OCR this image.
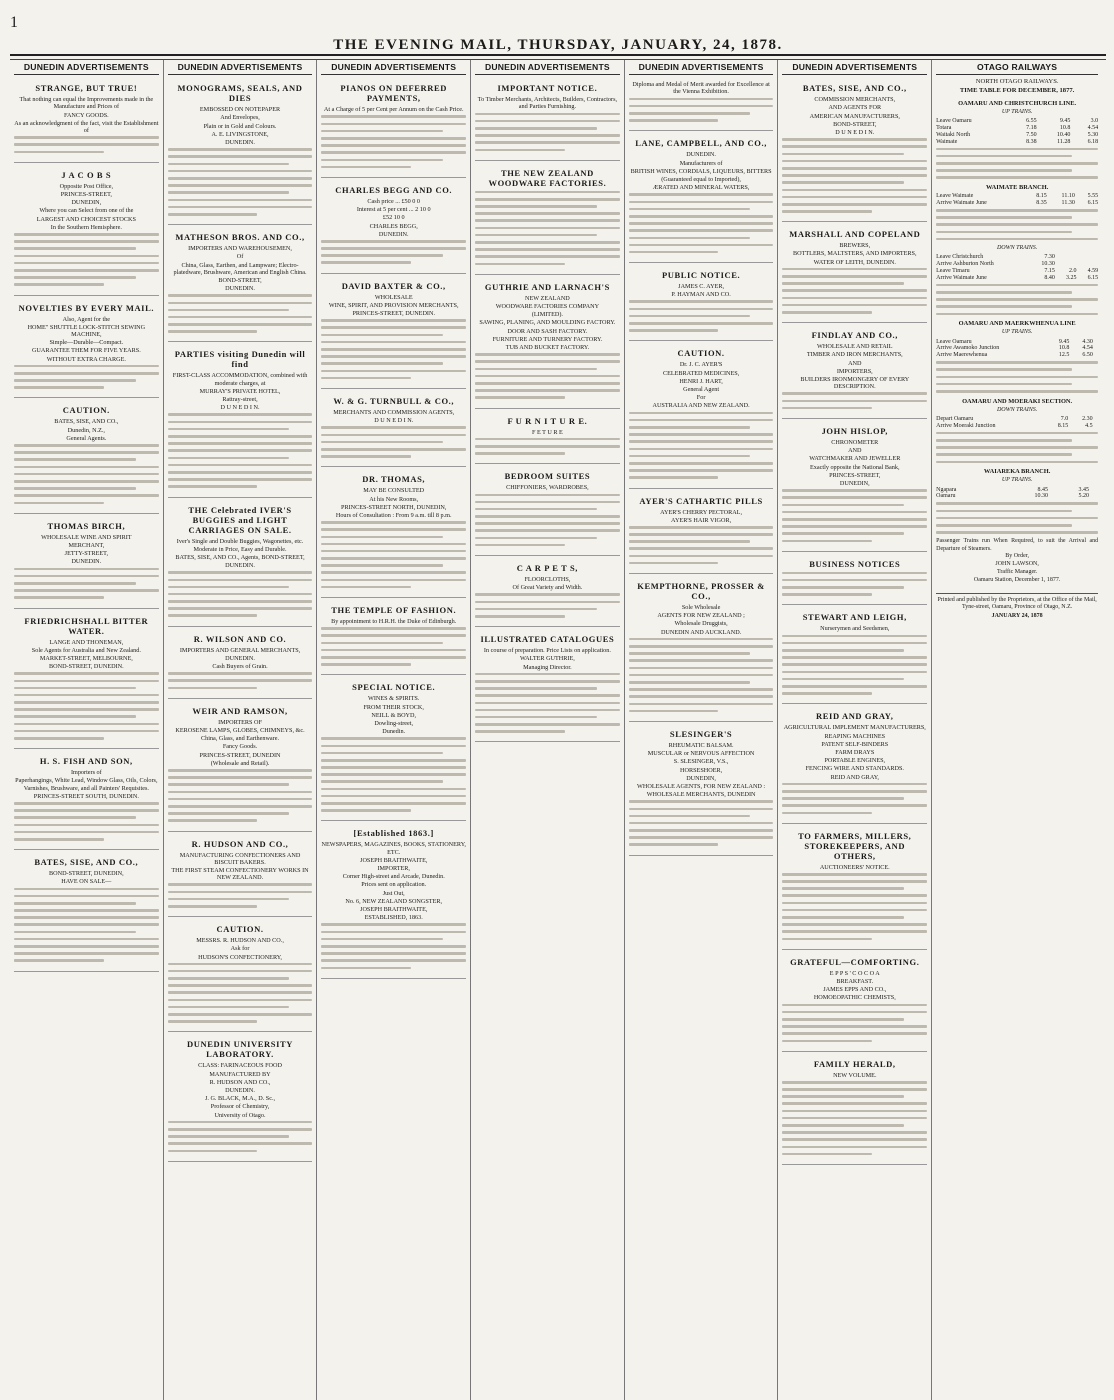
1
THE EVENING MAIL, THURSDAY, JANUARY, 24, 1878.
DUNEDIN ADVERTISEMENTS
STRANGE, BUT TRUE!
That nothing can equal the Improvements made in the Manufacture and Prices of
FANCY GOODS.
As an acknowledgment of the fact, visit the Establishment of
J A C O B S
Opposite Post Office,
PRINCES-STREET,
DUNEDIN,
Where you can Select from one of the
LARGEST AND CHOICEST STOCKS
In the Southern Hemisphere.
NOVELTIES BY EVERY MAIL.
Also, Agent for the
HOME" SHUTTLE LOCK-STITCH SEWING MACHINE,
Simple—Durable—Compact.
GUARANTEE THEM FOR FIVE YEARS.
WITHOUT EXTRA CHARGE.
CAUTION.
BATES, SISE, AND CO.,
Dunedin, N.Z.,
General Agents.
THOMAS BIRCH,
WHOLESALE WINE AND SPIRIT
MERCHANT,
JETTY-STREET,
DUNEDIN.
FRIEDRICHSHALL BITTER WATER.
LANGE AND THONEMAN,
Sole Agents for Australia and New Zealand.
MARKET-STREET, MELBOURNE,
BOND-STREET, DUNEDIN.
H. S. FISH AND SON,
Importers of
Paperhangings, White Lead, Window Glass, Oils, Colors, Varnishes, Brushware, and all Painters' Requisites.
PRINCES-STREET SOUTH, DUNEDIN.
BATES, SISE, AND CO.,
BOND-STREET, DUNEDIN,
HAVE ON SALE—
DUNEDIN ADVERTISEMENTS
MONOGRAMS, SEALS, AND DIES
EMBOSSED ON NOTEPAPER
And Envelopes,
Plain or in Gold and Colours.
A. E. LIVINGSTONE,
DUNEDIN.
MATHESON BROS. AND CO.,
IMPORTERS AND WAREHOUSEMEN,
Of
China, Glass, Earthen, and Lampware; Electro-platedware, Brushware, American and English China.
BOND-STREET,
DUNEDIN.
PARTIES visiting Dunedin will find
FIRST-CLASS ACCOMMODATION, combined with moderate charges, at
MURRAY'S PRIVATE HOTEL,
Rattray-street,
D U N E D I N.
THE Celebrated IVER'S BUGGIES and LIGHT CARRIAGES ON SALE.
Iver's Single and Double Buggies, Wagonettes, etc.
Moderate in Price, Easy and Durable.
BATES, SISE, AND CO., Agents, BOND-STREET,
DUNEDIN.
R. WILSON AND CO.
IMPORTERS AND GENERAL MERCHANTS,
DUNEDIN.
Cash Buyers of Grain.
WEIR AND RAMSON,
IMPORTERS OF
KEROSENE LAMPS, GLOBES, CHIMNEYS, &c.
China, Glass, and Earthenware.
Fancy Goods.
PRINCES-STREET, DUNEDIN
(Wholesale and Retail).
R. HUDSON AND CO.,
MANUFACTURING CONFECTIONERS AND BISCUIT BAKERS.
THE FIRST STEAM CONFECTIONERY WORKS IN NEW ZEALAND.
CAUTION.
MESSRS. R. HUDSON AND CO.,
Ask for
HUDSON'S CONFECTIONERY,
DUNEDIN UNIVERSITY LABORATORY.
CLASS: FARINACEOUS FOOD
MANUFACTURED BY
R. HUDSON AND CO.,
DUNEDIN.
J. G. BLACK, M.A., D. Sc.,
Professor of Chemistry,
University of Otago.
DUNEDIN ADVERTISEMENTS
PIANOS ON DEFERRED PAYMENTS,
At a Charge of 5 per Cent per Annum on the Cash Price.
CHARLES BEGG AND CO.
Cash price ... £50 0 0
Interest at 5 per cent ... 2 10 0
£52 10 0
CHARLES BEGG,
DUNEDIN.
DAVID BAXTER & CO.,
WHOLESALE
WINE, SPIRIT, AND PROVISION MERCHANTS,
PRINCES-STREET, DUNEDIN.
W. & G. TURNBULL & CO.,
MERCHANTS AND COMMISSION AGENTS,
D U N E D I N.
DR. THOMAS,
MAY BE CONSULTED
At his New Rooms,
PRINCES-STREET NORTH, DUNEDIN,
Hours of Consultation : From 9 a.m. till 8 p.m.
THE TEMPLE OF FASHION.
By appointment to H.R.H. the Duke of Edinburgh.
SPECIAL NOTICE.
WINES & SPIRITS.
FROM THEIR STOCK,
NEILL & BOYD,
Dowling-street,
Dunedin.
[Established 1863.]
NEWSPAPERS, MAGAZINES, BOOKS, STATIONERY, ETC.
JOSEPH BRAITHWAITE,
IMPORTER,
Corner High-street and Arcade, Dunedin.
Prices sent on application.
Just Out,
No. 6, NEW ZEALAND SONGSTER,
JOSEPH BRAITHWAITE,
ESTABLISHED, 1863.
DUNEDIN ADVERTISEMENTS
IMPORTANT NOTICE.
To Timber Merchants, Architects, Builders, Contractors, and Parties Furnishing.
THE NEW ZEALAND WOODWARE FACTORIES.
GUTHRIE AND LARNACH'S
NEW ZEALAND
WOODWARE FACTORIES COMPANY
(LIMITED).
SAWING, PLANING, AND MOULDING FACTORY.
DOOR AND SASH FACTORY.
FURNITURE AND TURNERY FACTORY.
TUB AND BUCKET FACTORY.
F U R N I T U R E.
F E T U R E
BEDROOM SUITES
CHIFFONIERS, WARDROBES,
C A R P E T S,
FLOORCLOTHS,
Of Great Variety and Width.
ILLUSTRATED CATALOGUES
In course of preparation. Price Lists on application.
WALTER GUTHRIE,
Managing Director.
DUNEDIN ADVERTISEMENTS
Diploma and Medal of Merit awarded for Excellence at the Vienna Exhibition.
LANE, CAMPBELL, AND CO.,
DUNEDIN.
Manufacturers of
BRITISH WINES, CORDIALS, LIQUEURS, BITTERS
(Guaranteed equal to Imported),
ÆRATED AND MINERAL WATERS,
PUBLIC NOTICE.
JAMES C. AYER,
P. HAYMAN AND CO.
CAUTION.
Dr. J. C. AYER'S
CELEBRATED MEDICINES,
HENRI J. HART,
General Agent
For
AUSTRALIA AND NEW ZEALAND.
AYER'S CATHARTIC PILLS
AYER'S CHERRY PECTORAL,
AYER'S HAIR VIGOR,
KEMPTHORNE, PROSSER & CO.,
Sole Wholesale
AGENTS FOR NEW ZEALAND ;
Wholesale Druggists,
DUNEDIN AND AUCKLAND.
SLESINGER'S
RHEUMATIC BALSAM.
MUSCULAR or NERVOUS AFFECTION
S. SLESINGER, V.S.,
HORSESHOER,
DUNEDIN,
WHOLESALE AGENTS, FOR NEW ZEALAND :
WHOLESALE MERCHANTS, DUNEDIN
DUNEDIN ADVERTISEMENTS
BATES, SISE, AND CO.,
COMMISSION MERCHANTS,
AND AGENTS FOR
AMERICAN MANUFACTURERS,
BOND-STREET,
D U N E D I N.
MARSHALL AND COPELAND
BREWERS,
BOTTLERS, MALTSTERS, AND IMPORTERS,
WATER OF LEITH, DUNEDIN.
FINDLAY AND CO.,
WHOLESALE AND RETAIL
TIMBER AND IRON MERCHANTS,
AND
IMPORTERS,
BUILDERS IRONMONGERY OF EVERY DESCRIPTION.
JOHN HISLOP,
CHRONOMETER
AND
WATCHMAKER AND JEWELLER
Exactly opposite the National Bank,
PRINCES-STREET,
DUNEDIN,
BUSINESS NOTICES
STEWART AND LEIGH,
Nurserymen and Seedsmen,
REID AND GRAY,
AGRICULTURAL IMPLEMENT MANUFACTURERS,
REAPING MACHINES
PATENT SELF-BINDERS
FARM DRAYS
PORTABLE ENGINES,
FENCING WIRE AND STANDARDS.
REID AND GRAY,
TO FARMERS, MILLERS, STOREKEEPERS, AND OTHERS,
AUCTIONEERS' NOTICE.
GRATEFUL—COMFORTING.
E P P S ' C O C O A
BREAKFAST.
JAMES EPPS AND CO.,
HOMOEOPATHIC CHEMISTS,
FAMILY HERALD,
NEW VOLUME.
OTAGO RAILWAYS
NORTH OTAGO RAILWAYS.
TIME TABLE FOR DECEMBER, 1877.
OAMARU AND CHRISTCHURCH LINE.
UP TRAINS.
Leave Oamaru	6.55	9.45	3.0
Totara	7.18	10.8	4.54
Waitaki North	7.50	10.40	5.30
Waimate	8.38	11.28	6.18
WAIMATE BRANCH.
Leave Waimate	8.15	11.10	5.55
Arrive Waimate June	8.35	11.30	6.15
DOWN TRAINS.
Leave Christchurch	7.30		
Arrive Ashburton North	10.30		
Leave Timaru	7.15	2.0	4.59
Arrive Waimate June	8.40	3.25	6.15
OAMARU AND MAERKWHENUA LINE
UP TRAINS.
Leave Oamaru	9.45	4.30	
Arrive Awamoko Junction	10.8	4.54	
Arrive Maerewhenua	12.5	6.50	
OAMARU AND MOERAKI SECTION.
DOWN TRAINS.
Depart Oamaru	7.0	2.30	
Arrive Moeraki Junction	8.15	4.5	
WAIAREKA BRANCH.
UP TRAINS.
Ngapara	8.45	3.45	
Oamaru	10.30	5.20	
Passenger Trains run When Required, to suit the Arrival and Departure of Steamers.
By Order,
JOHN LAWSON,
Traffic Manager.
Oamaru Station, December 1, 1877.
Printed and published by the Proprietors, at the Office of the Mail, Tyne-street, Oamaru, Province of Otago, N.Z.
JANUARY 24, 1878
